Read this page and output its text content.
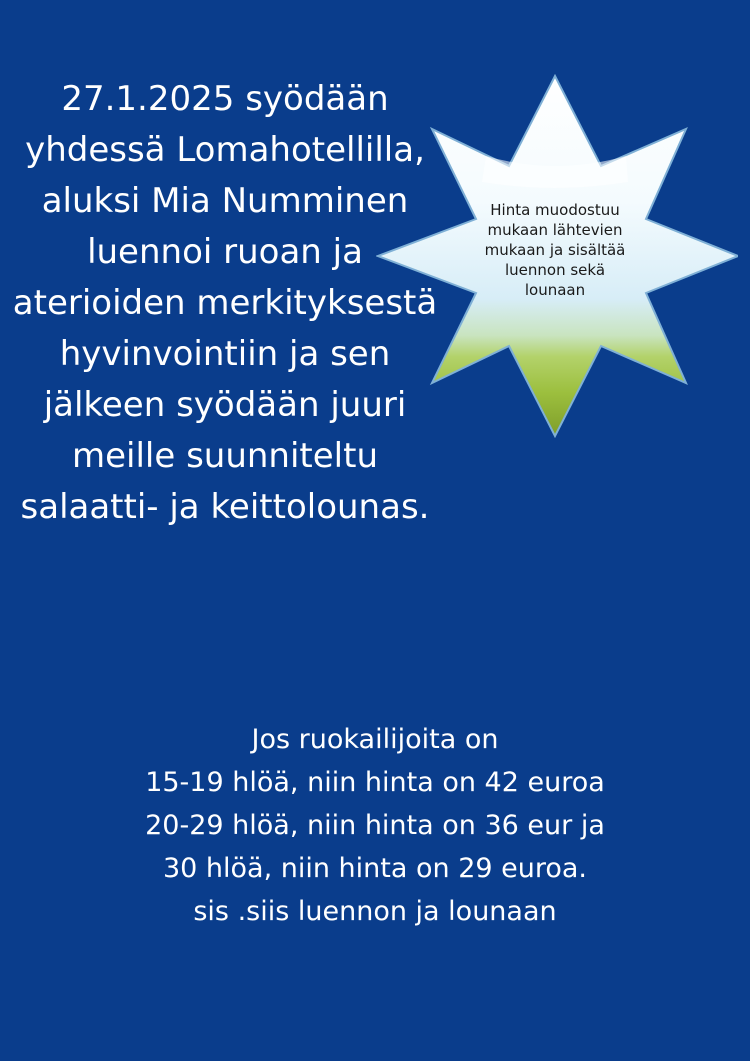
27.1.2025 syödään
yhdessä Lomahotellilla,
aluksi Mia Numminen
luennoi ruoan ja
aterioiden merkityksestä
hyvinvointiin ja sen
jälkeen syödään juuri
meille suunniteltu
salaatti- ja keittolounas.

Hinta muodostuu
mukaan lähtevien
mukaan ja sisältää
luennon sekä
lounaan

Jos ruokailijoita on
15-19 hlöä, niin hinta on 42 euroa
20-29 hlöä, niin hinta on 36 eur ja
30 hlöä, niin hinta on 29 euroa.
sis .siis luennon ja lounaan
